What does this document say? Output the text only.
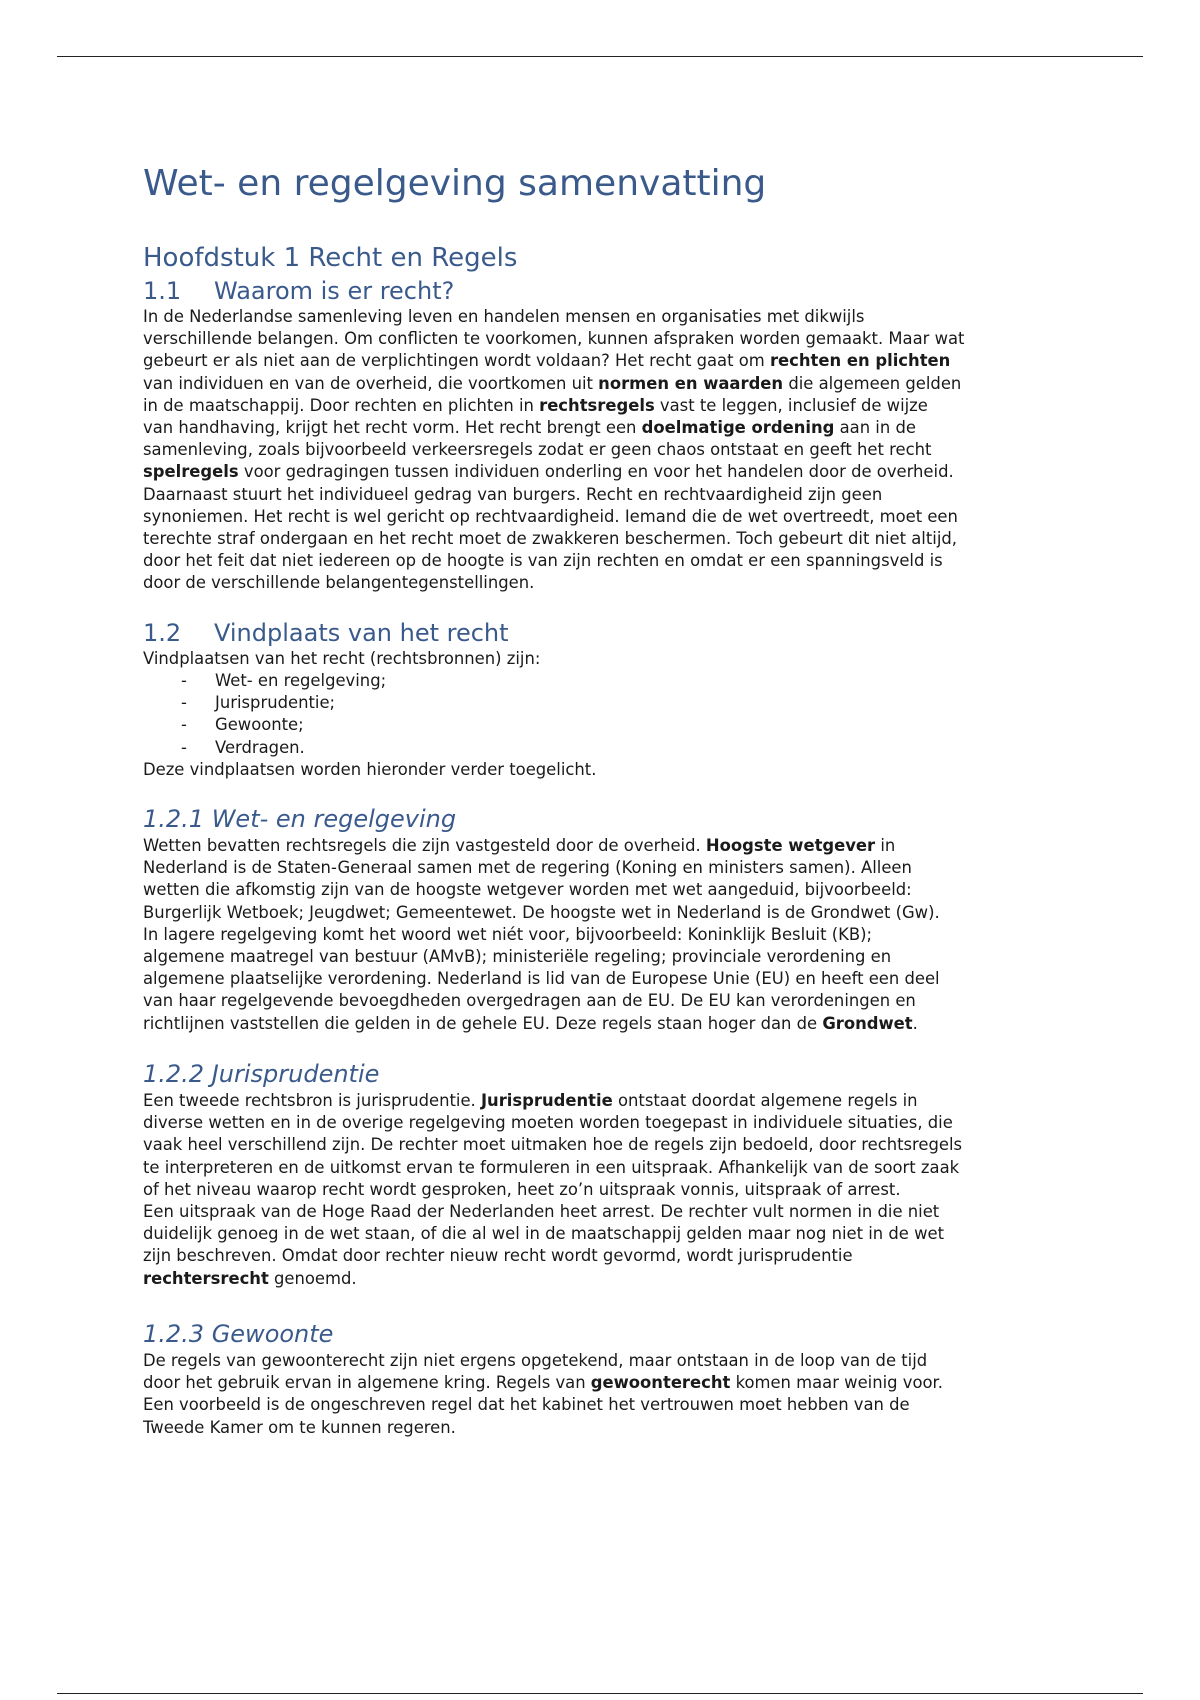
Wet- en regelgeving samenvatting
Hoofdstuk 1 Recht en Regels
1.1 Waarom is er recht?
In de Nederlandse samenleving leven en handelen mensen en organisaties met dikwijls
verschillende belangen. Om conflicten te voorkomen, kunnen afspraken worden gemaakt. Maar wat
gebeurt er als niet aan de verplichtingen wordt voldaan? Het recht gaat om rechten en plichten
van individuen en van de overheid, die voortkomen uit normen en waarden die algemeen gelden
in de maatschappij. Door rechten en plichten in rechtsregels vast te leggen, inclusief de wijze
van handhaving, krijgt het recht vorm. Het recht brengt een doelmatige ordening aan in de
samenleving, zoals bijvoorbeeld verkeersregels zodat er geen chaos ontstaat en geeft het recht
spelregels voor gedragingen tussen individuen onderling en voor het handelen door de overheid.
Daarnaast stuurt het individueel gedrag van burgers. Recht en rechtvaardigheid zijn geen
synoniemen. Het recht is wel gericht op rechtvaardigheid. Iemand die de wet overtreedt, moet een
terechte straf ondergaan en het recht moet de zwakkeren beschermen. Toch gebeurt dit niet altijd,
door het feit dat niet iedereen op de hoogte is van zijn rechten en omdat er een spanningsveld is
door de verschillende belangentegenstellingen.
1.2 Vindplaats van het recht
Vindplaatsen van het recht (rechtsbronnen) zijn:
- Wet- en regelgeving;
- Jurisprudentie;
- Gewoonte;
- Verdragen.
Deze vindplaatsen worden hieronder verder toegelicht.
1.2.1 Wet- en regelgeving
Wetten bevatten rechtsregels die zijn vastgesteld door de overheid. Hoogste wetgever in
Nederland is de Staten-Generaal samen met de regering (Koning en ministers samen). Alleen
wetten die afkomstig zijn van de hoogste wetgever worden met wet aangeduid, bijvoorbeeld:
Burgerlijk Wetboek; Jeugdwet; Gemeentewet. De hoogste wet in Nederland is de Grondwet (Gw).
In lagere regelgeving komt het woord wet niét voor, bijvoorbeeld: Koninklijk Besluit (KB);
algemene maatregel van bestuur (AMvB); ministeriële regeling; provinciale verordening en
algemene plaatselijke verordening. Nederland is lid van de Europese Unie (EU) en heeft een deel
van haar regelgevende bevoegdheden overgedragen aan de EU. De EU kan verordeningen en
richtlijnen vaststellen die gelden in de gehele EU. Deze regels staan hoger dan de Grondwet.
1.2.2 Jurisprudentie
Een tweede rechtsbron is jurisprudentie. Jurisprudentie ontstaat doordat algemene regels in
diverse wetten en in de overige regelgeving moeten worden toegepast in individuele situaties, die
vaak heel verschillend zijn. De rechter moet uitmaken hoe de regels zijn bedoeld, door rechtsregels
te interpreteren en de uitkomst ervan te formuleren in een uitspraak. Afhankelijk van de soort zaak
of het niveau waarop recht wordt gesproken, heet zo’n uitspraak vonnis, uitspraak of arrest.
Een uitspraak van de Hoge Raad der Nederlanden heet arrest. De rechter vult normen in die niet
duidelijk genoeg in de wet staan, of die al wel in de maatschappij gelden maar nog niet in de wet
zijn beschreven. Omdat door rechter nieuw recht wordt gevormd, wordt jurisprudentie
rechtersrecht genoemd.
1.2.3 Gewoonte
De regels van gewoonterecht zijn niet ergens opgetekend, maar ontstaan in de loop van de tijd
door het gebruik ervan in algemene kring. Regels van gewoonterecht komen maar weinig voor.
Een voorbeeld is de ongeschreven regel dat het kabinet het vertrouwen moet hebben van de
Tweede Kamer om te kunnen regeren.
